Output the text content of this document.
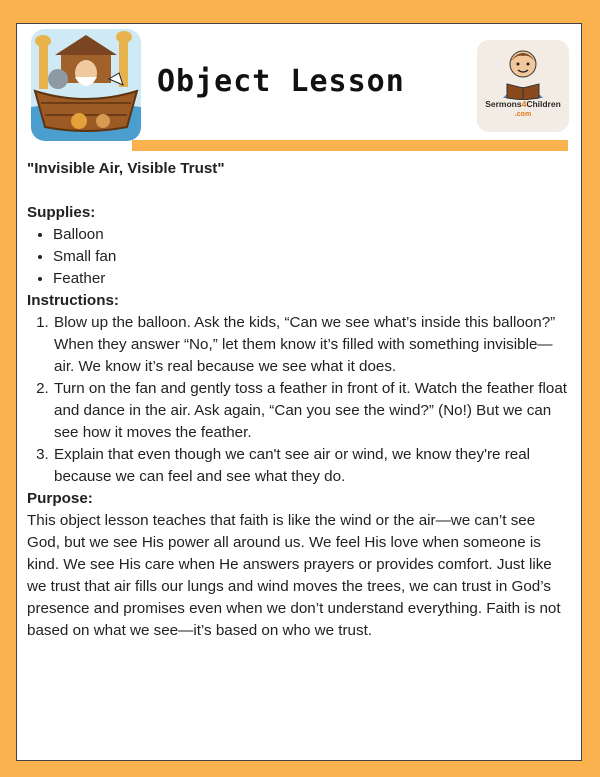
Object Lesson
Sermons4Children
.com
"Invisible Air, Visible Trust"
Supplies:
• Balloon
• Small fan
• Feather
Instructions:
1. Blow up the balloon. Ask the kids, “Can we see what’s inside this balloon?” When they answer “No,” let them know it’s filled with something invisible—air. We know it’s real because we see what it does.
2. Turn on the fan and gently toss a feather in front of it. Watch the feather float and dance in the air. Ask again, “Can you see the wind?” (No!) But we can see how it moves the feather.
3. Explain that even though we can't see air or wind, we know they're real because we can feel and see what they do.
Purpose:

This object lesson teaches that faith is like the wind or the air—we can’t see God, but we see His power all around us. We feel His love when someone is kind. We see His care when He answers prayers or provides comfort. Just like we trust that air fills our lungs and wind moves the trees, we can trust in God’s presence and promises even when we don’t understand everything. Faith is not based on what we see—it’s based on who we trust.
